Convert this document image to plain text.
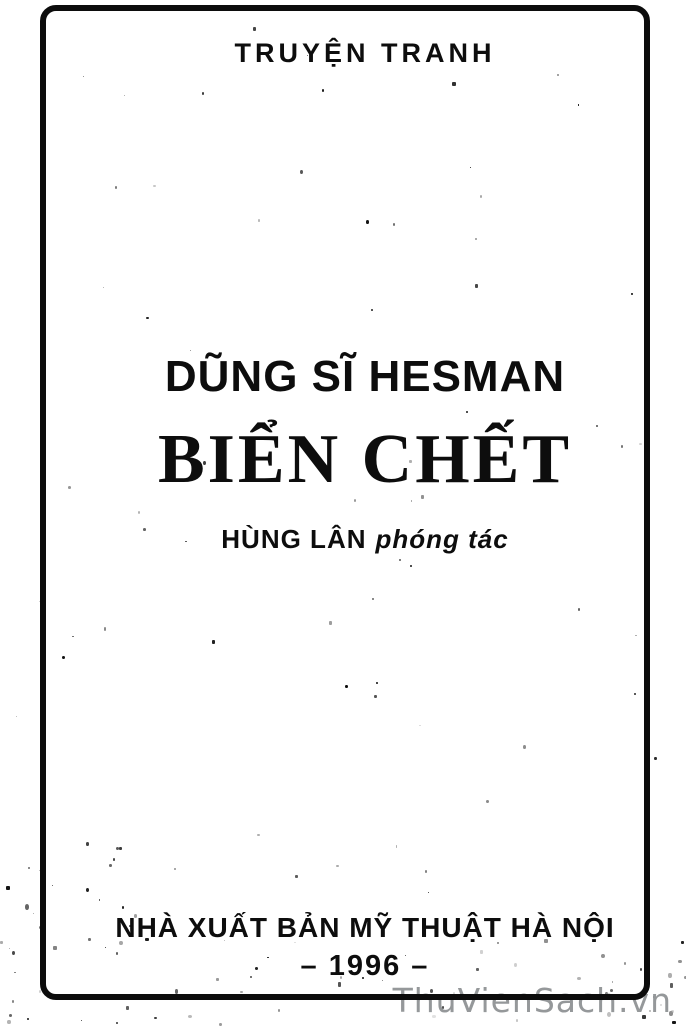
TRUYỆN TRANH
DŨNG SĨ HESMAN
BIỂN CHẾT
HÙNG LÂN phóng tác
NHÀ XUẤT BẢN MỸ THUẬT HÀ NỘI
– 1996 –
ThuVienSach.vn
